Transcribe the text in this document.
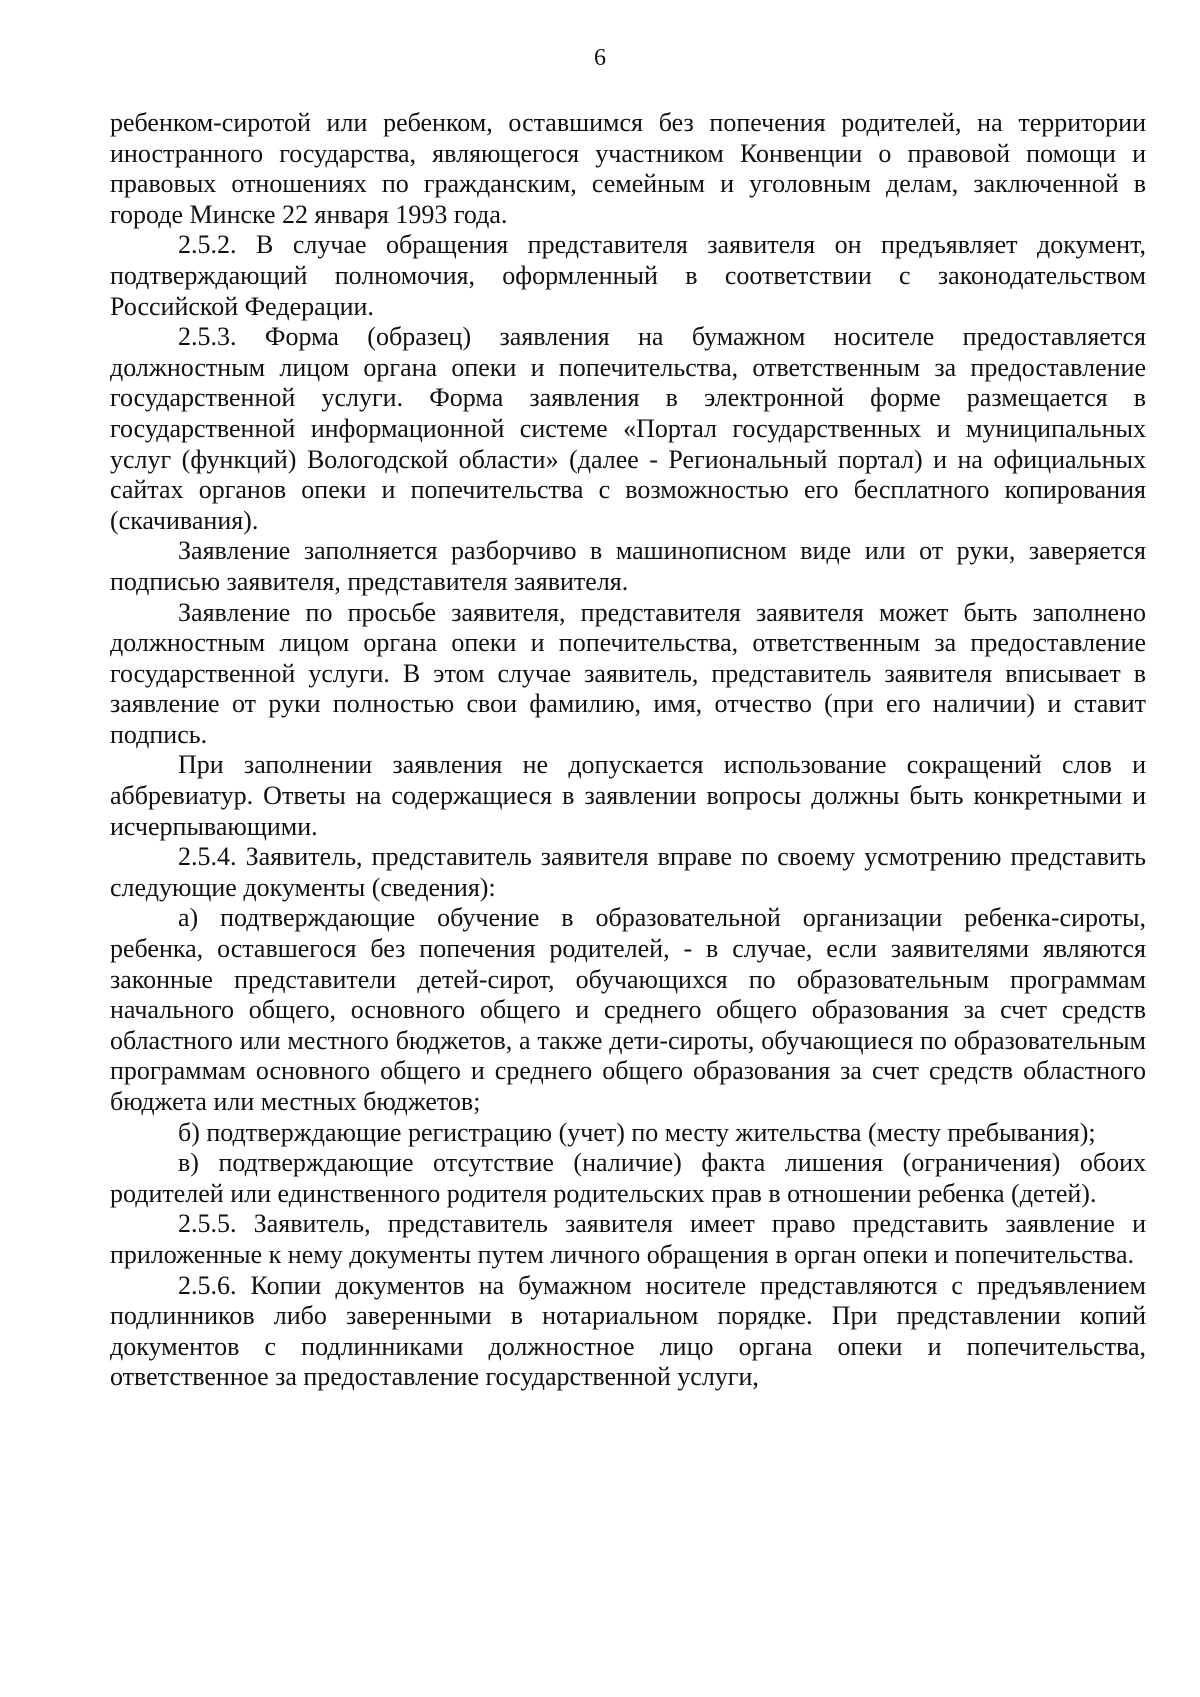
6

ребенком-сиротой или ребенком, оставшимся без попечения родителей, на территории иностранного государства, являющегося участником Конвенции о правовой помощи и правовых отношениях по гражданским, семейным и уголовным делам, заключенной в городе Минске 22 января 1993 года.

2.5.2. В случае обращения представителя заявителя он предъявляет документ, подтверждающий полномочия, оформленный в соответствии с законодательством Российской Федерации.

2.5.3. Форма (образец) заявления на бумажном носителе предоставляется должностным лицом органа опеки и попечительства, ответственным за предоставление государственной услуги. Форма заявления в электронной форме размещается в государственной информационной системе «Портал государственных и муниципальных услуг (функций) Вологодской области» (далее - Региональный портал) и на официальных сайтах органов опеки и попечительства с возможностью его бесплатного копирования (скачивания).

Заявление заполняется разборчиво в машинописном виде или от руки, заверяется подписью заявителя, представителя заявителя.

Заявление по просьбе заявителя, представителя заявителя может быть заполнено должностным лицом органа опеки и попечительства, ответственным за предоставление государственной услуги. В этом случае заявитель, представитель заявителя вписывает в заявление от руки полностью свои фамилию, имя, отчество (при его наличии) и ставит подпись.

При заполнении заявления не допускается использование сокращений слов и аббревиатур. Ответы на содержащиеся в заявлении вопросы должны быть конкретными и исчерпывающими.

2.5.4. Заявитель, представитель заявителя вправе по своему усмотрению представить следующие документы (сведения):

а) подтверждающие обучение в образовательной организации ребенка-сироты, ребенка, оставшегося без попечения родителей, - в случае, если заявителями являются законные представители детей-сирот, обучающихся по образовательным программам начального общего, основного общего и среднего общего образования за счет средств областного или местного бюджетов, а также дети-сироты, обучающиеся по образовательным программам основного общего и среднего общего образования за счет средств областного бюджета или местных бюджетов;

б) подтверждающие регистрацию (учет) по месту жительства (месту пребывания);

в) подтверждающие отсутствие (наличие) факта лишения (ограничения) обоих родителей или единственного родителя родительских прав в отношении ребенка (детей).

2.5.5. Заявитель, представитель заявителя имеет право представить заявление и приложенные к нему документы путем личного обращения в орган опеки и попечительства.

2.5.6. Копии документов на бумажном носителе представляются с предъявлением подлинников либо заверенными в нотариальном порядке. При представлении копий документов с подлинниками должностное лицо органа опеки и попечительства, ответственное за предоставление государственной услуги,
